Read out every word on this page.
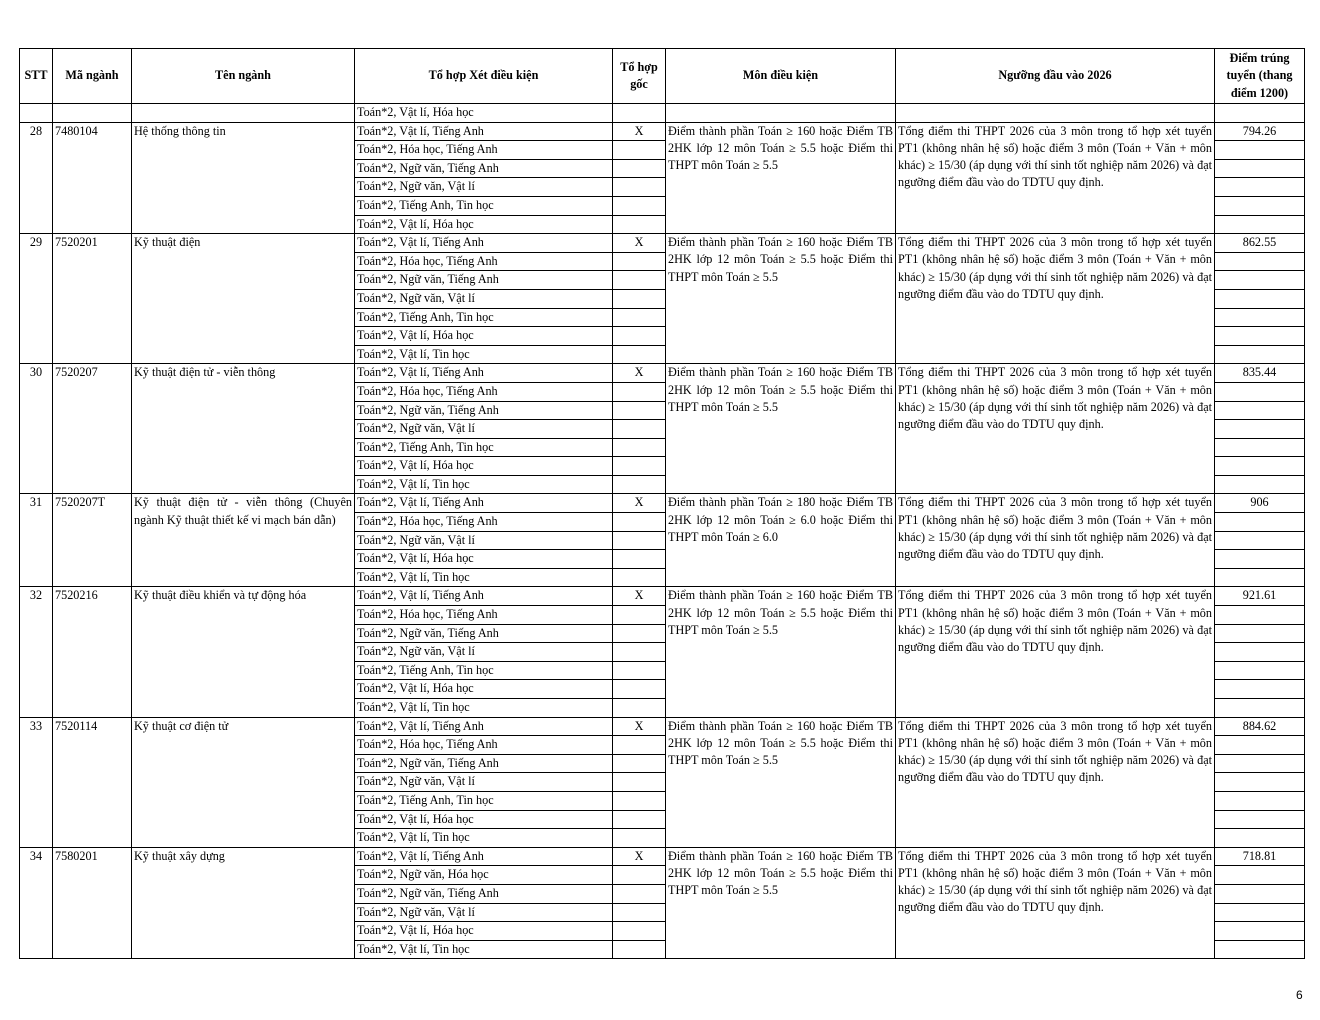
STT	Mã ngành	Tên ngành	Tổ hợp Xét điều kiện	Tổ hợp gốc	Môn điều kiện	Ngưỡng đầu vào 2026	Điểm trúng tuyển (thang điểm 1200)
			Toán*2, Vật lí, Hóa học				
28	7480104	Hệ thống thông tin	Toán*2, Vật lí, Tiếng Anh	X	Điểm thành phần Toán ≥ 160 hoặc Điểm TB 2HK lớp 12 môn Toán ≥ 5.5 hoặc Điểm thi THPT môn Toán ≥ 5.5	Tổng điểm thi THPT 2026 của 3 môn trong tổ hợp xét tuyển PT1 (không nhân hệ số) hoặc điểm 3 môn (Toán + Văn + môn khác) ≥ 15/30 (áp dụng với thí sinh tốt nghiệp năm 2026) và đạt ngưỡng điểm đầu vào do TDTU quy định.	794.26
			Toán*2, Hóa học, Tiếng Anh				
			Toán*2, Ngữ văn, Tiếng Anh				
			Toán*2, Ngữ văn, Vật lí				
			Toán*2, Tiếng Anh, Tin học				
			Toán*2, Vật lí, Hóa học				
29	7520201	Kỹ thuật điện	Toán*2, Vật lí, Tiếng Anh	X	Điểm thành phần Toán ≥ 160 hoặc Điểm TB 2HK lớp 12 môn Toán ≥ 5.5 hoặc Điểm thi THPT môn Toán ≥ 5.5	Tổng điểm thi THPT 2026 của 3 môn trong tổ hợp xét tuyển PT1 (không nhân hệ số) hoặc điểm 3 môn (Toán + Văn + môn khác) ≥ 15/30 (áp dụng với thí sinh tốt nghiệp năm 2026) và đạt ngưỡng điểm đầu vào do TDTU quy định.	862.55
			Toán*2, Hóa học, Tiếng Anh				
			Toán*2, Ngữ văn, Tiếng Anh				
			Toán*2, Ngữ văn, Vật lí				
			Toán*2, Tiếng Anh, Tin học				
			Toán*2, Vật lí, Hóa học				
			Toán*2, Vật lí, Tin học				
30	7520207	Kỹ thuật điện tử - viễn thông	Toán*2, Vật lí, Tiếng Anh	X	Điểm thành phần Toán ≥ 160 hoặc Điểm TB 2HK lớp 12 môn Toán ≥ 5.5 hoặc Điểm thi THPT môn Toán ≥ 5.5	Tổng điểm thi THPT 2026 của 3 môn trong tổ hợp xét tuyển PT1 (không nhân hệ số) hoặc điểm 3 môn (Toán + Văn + môn khác) ≥ 15/30 (áp dụng với thí sinh tốt nghiệp năm 2026) và đạt ngưỡng điểm đầu vào do TDTU quy định.	835.44
			Toán*2, Hóa học, Tiếng Anh				
			Toán*2, Ngữ văn, Tiếng Anh				
			Toán*2, Ngữ văn, Vật lí				
			Toán*2, Tiếng Anh, Tin học				
			Toán*2, Vật lí, Hóa học				
			Toán*2, Vật lí, Tin học				
31	7520207T	Kỹ thuật điện tử - viễn thông (Chuyên ngành Kỹ thuật thiết kế vi mạch bán dẫn)	Toán*2, Vật lí, Tiếng Anh	X	Điểm thành phần Toán ≥ 180 hoặc Điểm TB 2HK lớp 12 môn Toán ≥ 6.0 hoặc Điểm thi THPT môn Toán ≥ 6.0	Tổng điểm thi THPT 2026 của 3 môn trong tổ hợp xét tuyển PT1 (không nhân hệ số) hoặc điểm 3 môn (Toán + Văn + môn khác) ≥ 15/30 (áp dụng với thí sinh tốt nghiệp năm 2026) và đạt ngưỡng điểm đầu vào do TDTU quy định.	906
			Toán*2, Hóa học, Tiếng Anh				
			Toán*2, Ngữ văn, Vật lí				
			Toán*2, Vật lí, Hóa học				
			Toán*2, Vật lí, Tin học				
32	7520216	Kỹ thuật điều khiển và tự động hóa	Toán*2, Vật lí, Tiếng Anh	X	Điểm thành phần Toán ≥ 160 hoặc Điểm TB 2HK lớp 12 môn Toán ≥ 5.5 hoặc Điểm thi THPT môn Toán ≥ 5.5	Tổng điểm thi THPT 2026 của 3 môn trong tổ hợp xét tuyển PT1 (không nhân hệ số) hoặc điểm 3 môn (Toán + Văn + môn khác) ≥ 15/30 (áp dụng với thí sinh tốt nghiệp năm 2026) và đạt ngưỡng điểm đầu vào do TDTU quy định.	921.61
			Toán*2, Hóa học, Tiếng Anh				
			Toán*2, Ngữ văn, Tiếng Anh				
			Toán*2, Ngữ văn, Vật lí				
			Toán*2, Tiếng Anh, Tin học				
			Toán*2, Vật lí, Hóa học				
			Toán*2, Vật lí, Tin học				
33	7520114	Kỹ thuật cơ điện tử	Toán*2, Vật lí, Tiếng Anh	X	Điểm thành phần Toán ≥ 160 hoặc Điểm TB 2HK lớp 12 môn Toán ≥ 5.5 hoặc Điểm thi THPT môn Toán ≥ 5.5	Tổng điểm thi THPT 2026 của 3 môn trong tổ hợp xét tuyển PT1 (không nhân hệ số) hoặc điểm 3 môn (Toán + Văn + môn khác) ≥ 15/30 (áp dụng với thí sinh tốt nghiệp năm 2026) và đạt ngưỡng điểm đầu vào do TDTU quy định.	884.62
			Toán*2, Hóa học, Tiếng Anh				
			Toán*2, Ngữ văn, Tiếng Anh				
			Toán*2, Ngữ văn, Vật lí				
			Toán*2, Tiếng Anh, Tin học				
			Toán*2, Vật lí, Hóa học				
			Toán*2, Vật lí, Tin học				
34	7580201	Kỹ thuật xây dựng	Toán*2, Vật lí, Tiếng Anh	X	Điểm thành phần Toán ≥ 160 hoặc Điểm TB 2HK lớp 12 môn Toán ≥ 5.5 hoặc Điểm thi THPT môn Toán ≥ 5.5	Tổng điểm thi THPT 2026 của 3 môn trong tổ hợp xét tuyển PT1 (không nhân hệ số) hoặc điểm 3 môn (Toán + Văn + môn khác) ≥ 15/30 (áp dụng với thí sinh tốt nghiệp năm 2026) và đạt ngưỡng điểm đầu vào do TDTU quy định.	718.81
			Toán*2, Ngữ văn, Hóa học				
			Toán*2, Ngữ văn, Tiếng Anh				
			Toán*2, Ngữ văn, Vật lí				
			Toán*2, Vật lí, Hóa học				
			Toán*2, Vật lí, Tin học				
6
